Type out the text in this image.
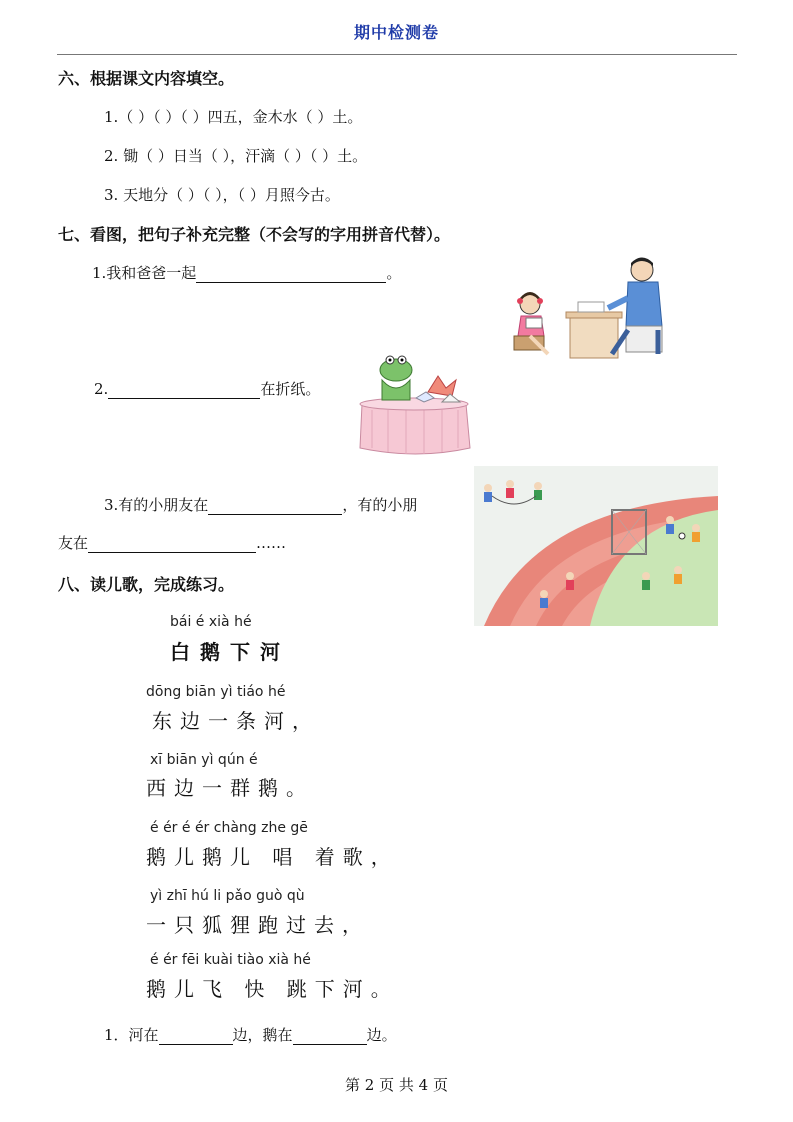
期中检测卷
六、根据课文内容填空。
1.（ ）（ ）（ ）四五，金木水（ ）土。
2. 锄（ ）日当（ ），汗滴（ ）（ ）土。
3. 天地分（ ）（ ），（ ）月照今古。
七、看图，把句子补充完整（不会写的字用拼音代替）。
1.我和爸爸一起	。
2.	在折纸。
3.有的小朋友在	，有的小朋
友在	……
八、读儿歌，完成练习。
bái é xià hé
白鹅下河
dōng biān yì tiáo hé
东边一条河，
xī biān yì qún é
西边一群鹅。
é ér é ér chàng zhe gē
鹅儿鹅儿 唱 着歌，
yì zhī hú li pǎo guò qù
一只狐狸跑过去，
é ér fēi kuài tiào xià hé
鹅儿飞 快 跳下河。
1．河在	边，鹅在	边。
第 2 页 共 4 页
